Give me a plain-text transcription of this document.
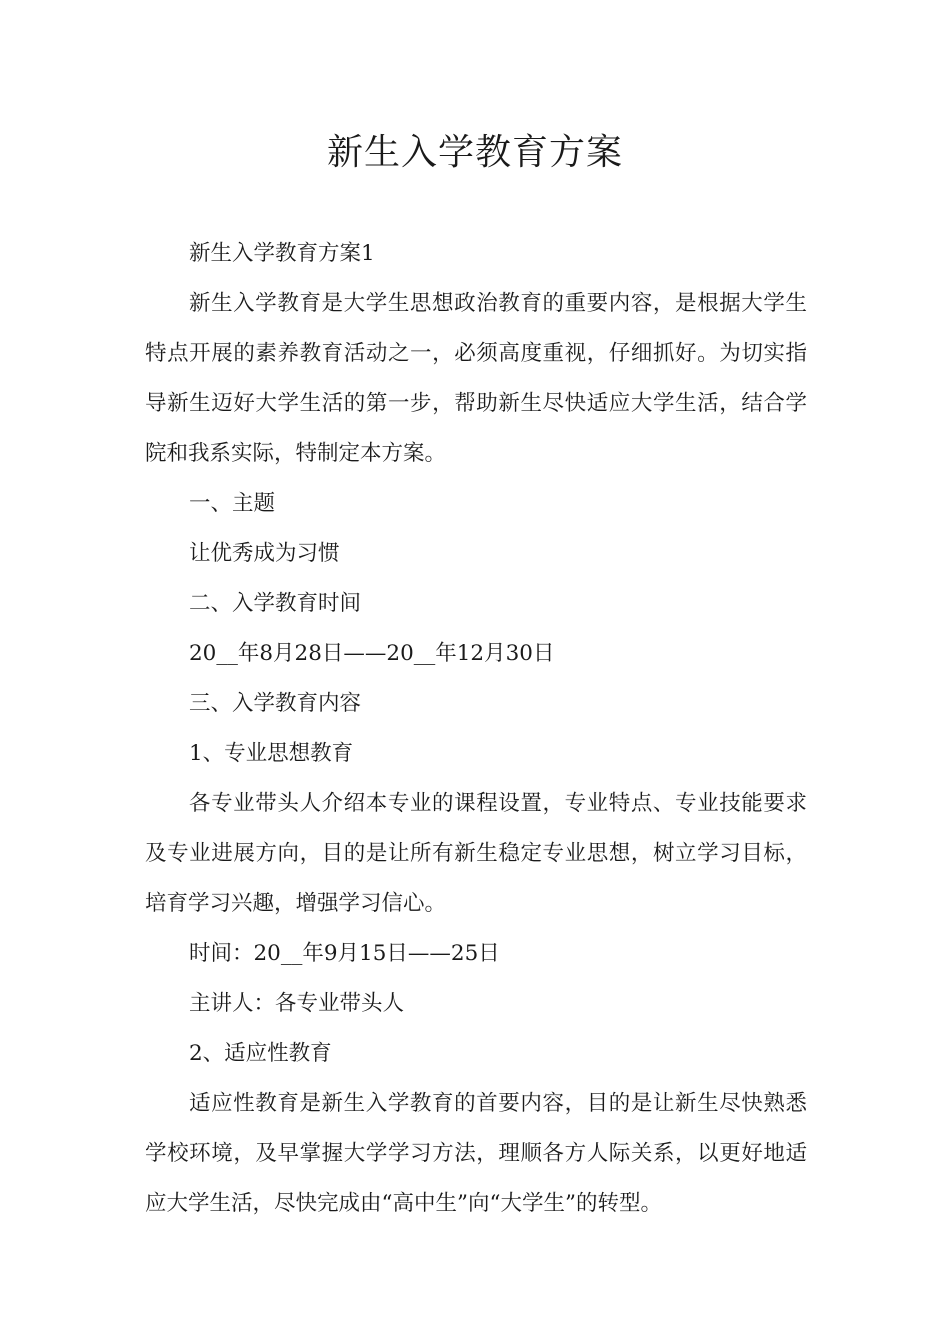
新生入学教育方案

新生入学教育方案1

新生入学教育是大学生思想政治教育的重要内容，是根据大学生特点开展的素养教育活动之一，必须高度重视，仔细抓好。为切实指导新生迈好大学生活的第一步，帮助新生尽快适应大学生活，结合学院和我系实际，特制定本方案。

一、主题

让优秀成为习惯

二、入学教育时间

20__年8月28日——20__年12月30日

三、入学教育内容

1、专业思想教育

各专业带头人介绍本专业的课程设置，专业特点、专业技能要求及专业进展方向，目的是让所有新生稳定专业思想，树立学习目标，培育学习兴趣，增强学习信心。

时间：20__年9月15日——25日

主讲人：各专业带头人

2、适应性教育

适应性教育是新生入学教育的首要内容，目的是让新生尽快熟悉学校环境，及早掌握大学学习方法，理顺各方人际关系，以更好地适应大学生活，尽快完成由“高中生”向“大学生”的转型。
